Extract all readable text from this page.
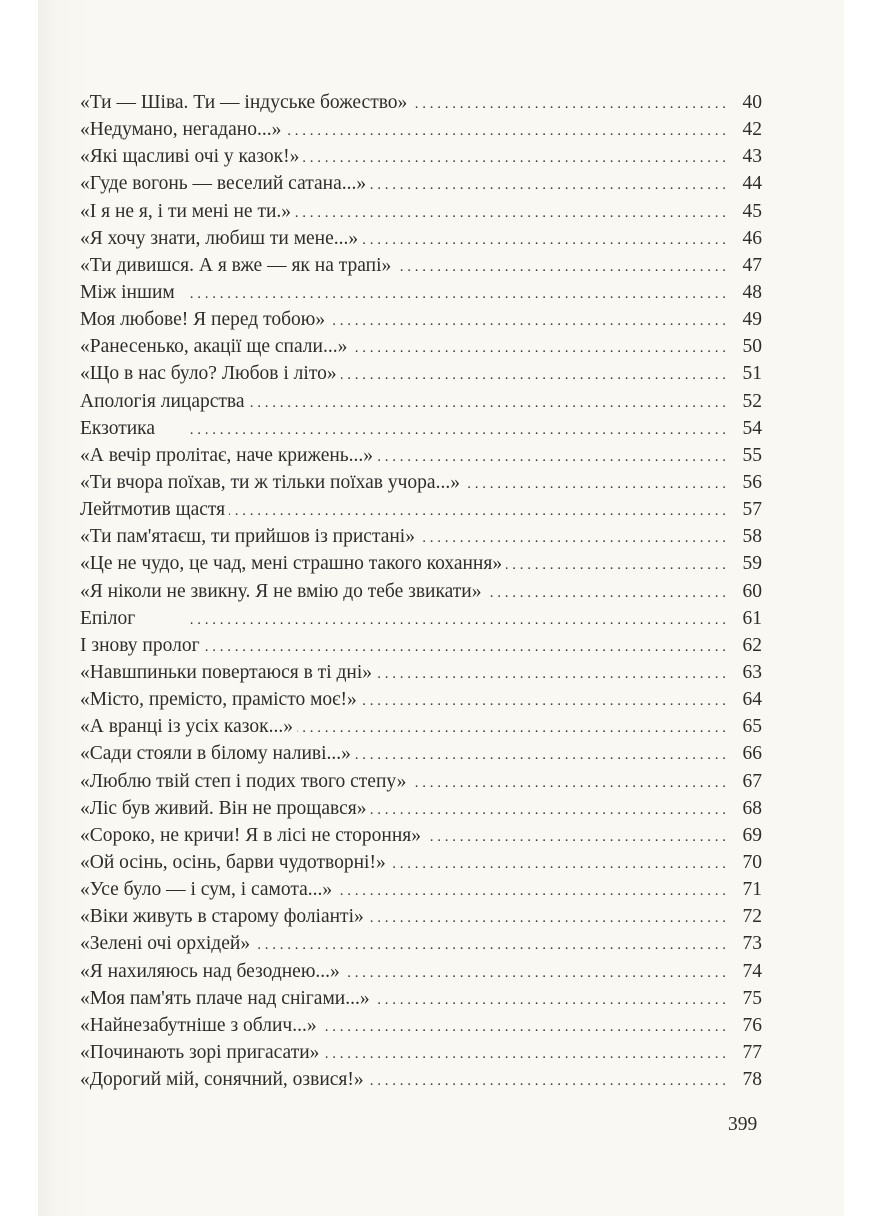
«Ти — Шіва. Ти — індуське божество» . . .	40
«Недумано, негадано...» . . .	42
«Які щасливі очі у казок!» . . .	43
«Гуде вогонь — веселий сатана...» . . .	44
«І я не я, і ти мені не ти.» . . .	45
«Я хочу знати, любиш ти мене...» . . .	46
«Ти дивишся. А я вже — як на трапі» . . .	47
Між іншим . . .	48
Моя любове! Я перед тобою» . . .	49
«Ранесенько, акації ще спали...» . . .	50
«Що в нас було? Любов і літо» . . .	51
Апологія лицарства . . .	52
Екзотика . . .	54
«А вечір пролітає, наче крижень...» . . .	55
«Ти вчора поїхав, ти ж тільки поїхав учора...» . . .	56
Лейтмотив щастя . . .	57
«Ти пам'ятаєш, ти прийшов із пристані» . . .	58
«Це не чудо, це чад, мені страшно такого кохання» . . .	59
«Я ніколи не звикну. Я не вмію до тебе звикати» . . .	60
Епілог . . .	61
І знову пролог . . .	62
«Навшпиньки повертаюся в ті дні» . . .	63
«Місто, премісто, прамісто моє!» . . .	64
«А вранці із усіх казок...» . . .	65
«Сади стояли в білому наливі...» . . .	66
«Люблю твій степ і подих твого степу» . . .	67
«Ліс був живий. Він не прощався» . . .	68
«Сороко, не кричи! Я в лісі не стороння» . . .	69
«Ой осінь, осінь, барви чудотворні!» . . .	70
«Усе було — і сум, і самота...» . . .	71
«Віки живуть в старому фоліанті» . . .	72
«Зелені очі орхідей» . . .	73
«Я нахиляюсь над безоднею...» . . .	74
«Моя пам'ять плаче над снігами...» . . .	75
«Найнезабутніше з облич...» . . .	76
«Починають зорі пригасати» . . .	77
«Дорогий мій, сонячний, озвися!» . . .	78
399
